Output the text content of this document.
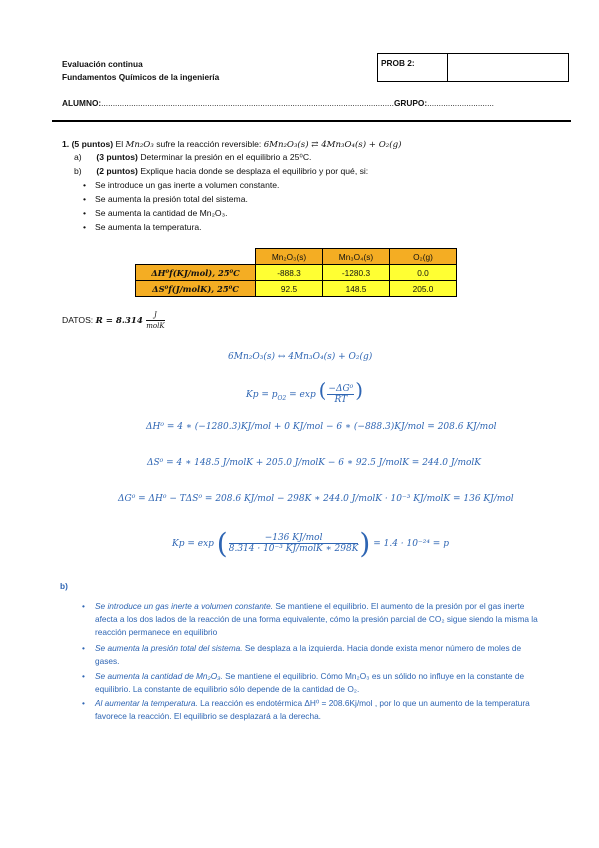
Evaluación continua
Fundamentos Químicos de la ingeniería
PROB 2:
ALUMNO:...............................................................................................................................GRUPO:.............................
1. (5 puntos) El Mn₂O₃ sufre la reacción reversible: 6Mn₂O₃(s) ⇄ 4Mn₃O₄(s) + O₂(g)
a) (3 puntos) Determinar la presión en el equilibrio a 25⁰C.
b) (2 puntos) Explique hacia donde se desplaza el equilibrio y por qué, si:
• Se introduce un gas inerte a volumen constante.
• Se aumenta la presión total del sistema.
• Se aumenta la cantidad de Mn₂O₃.
• Se aumenta la temperatura.
	Mn₂O₃(s)	Mn₃O₄(s)	O₂(g)
ΔH⁰f(KJ/mol), 25⁰C	-888.3	-1280.3	0.0
ΔS⁰f(J/molK), 25⁰C	92.5	148.5	205.0
DATOS: $R = 8.314 \frac{J}{\text{molK}}$
6Mn₂O₃(s) ↔ 4Mn₃O₄(s) + O₂(g)
$Kp = p_{O2} = \exp$ ( $\frac{\text{−ΔG⁰}}{RT}$ )
ΔH⁰ = 4 ∗ (−1280.3)KJ/mol + 0 KJ/mol − 6 ∗ (−888.3)KJ/mol = 208.6 KJ/mol
ΔS⁰ = 4 ∗ 148.5 J/molK + 205.0 J/molK − 6 ∗ 92.5 J/molK = 244.0 J/molK
ΔG⁰ = ΔH⁰ − TΔS⁰ = 208.6 KJ/mol − 298K ∗ 244.0 J/molK · 10⁻³ KJ/molK = 136 KJ/mol
Kp = exp ( $\frac{\text{−136 KJ/mol}}{\text{8.314 · 10⁻³ KJ/molK ∗ 298K}}$ ) = 1.4 · 10⁻²⁴ = p
b)
• Se introduce un gas inerte a volumen constante. Se mantiene el equilibrio. El aumento de la presión por el gas inerte afecta a los dos lados de la reacción de una forma equivalente, cómo la presión parcial de CO₂ sigue siendo la misma la reacción permanece en equilibrio
• Se aumenta la presión total del sistema. Se desplaza a la izquierda. Hacia donde exista menor número de moles de gases.
• Se aumenta la cantidad de Mn₂O₃. Se mantiene el equilibrio. Cómo Mn₂O₃ es un sólido no influye en la constante de equilibrio. La constante de equilibrio sólo depende de la cantidad de O₂.
• Al aumentar la temperatura. La reacción es endotérmica ΔH⁰ = 208.6Kj/mol , por lo que un aumento de la temperatura favorece la reacción. El equilibrio se desplazará a la derecha.
